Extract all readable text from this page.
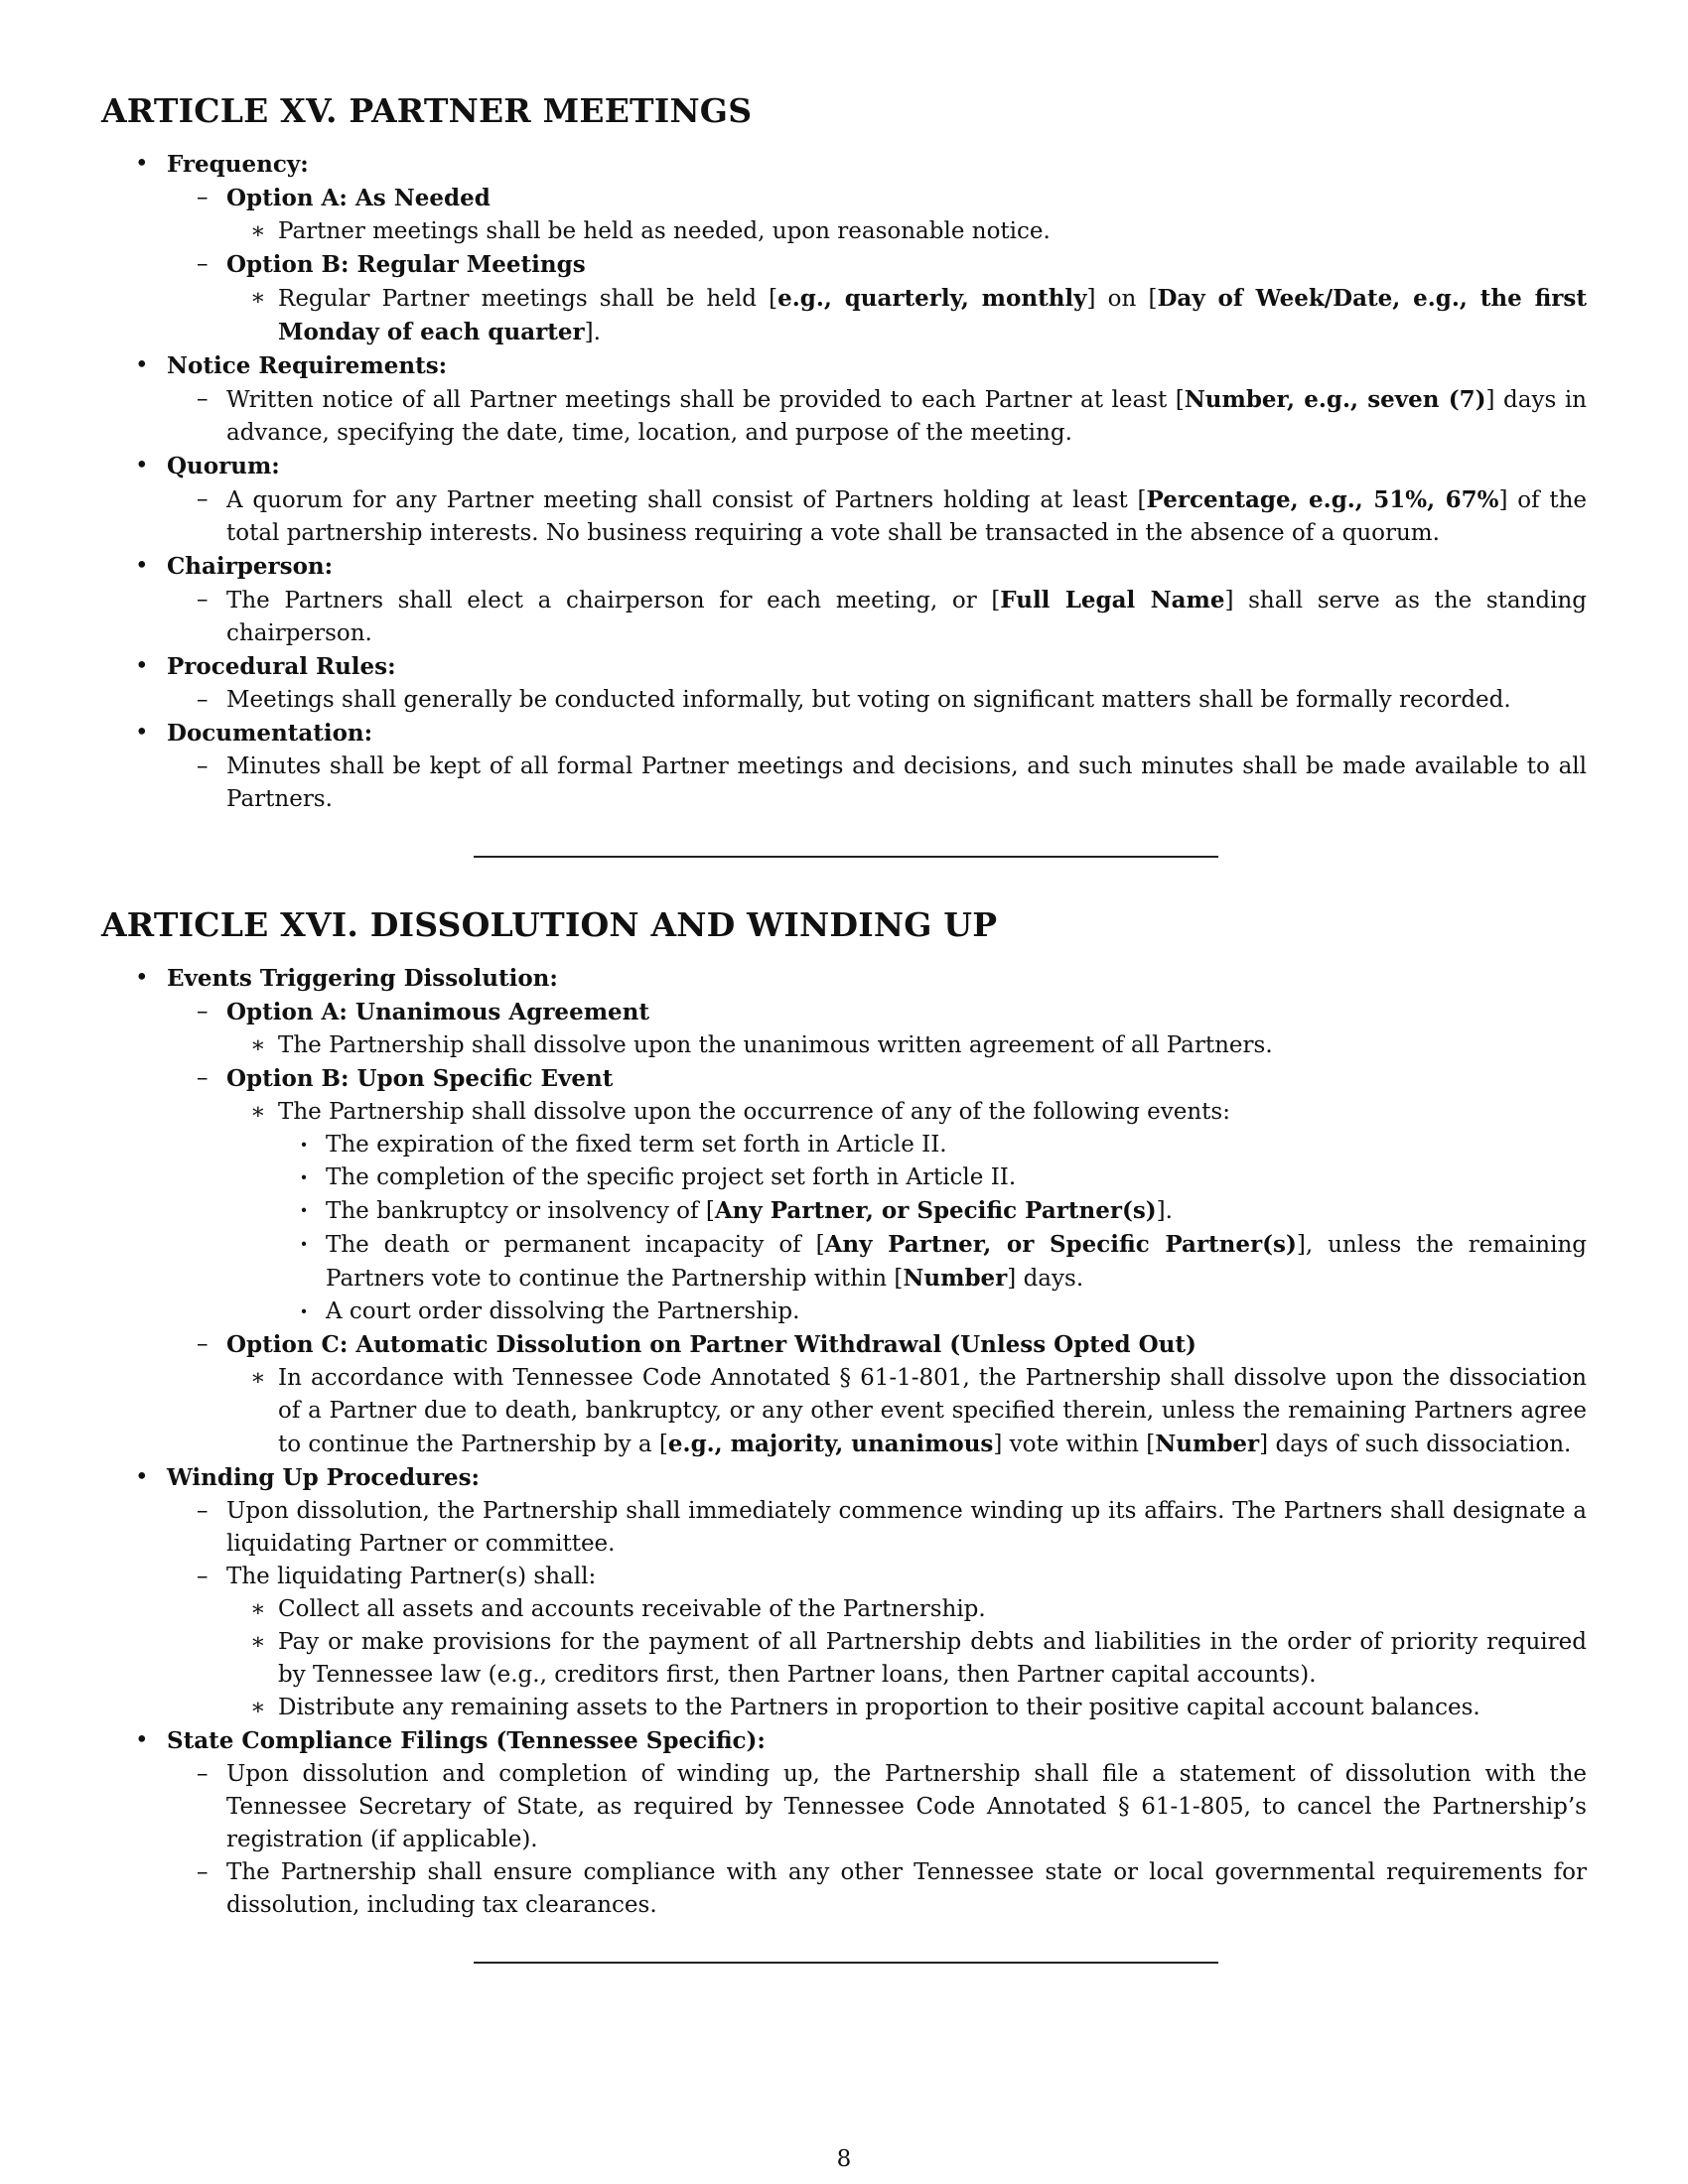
ARTICLE XV. PARTNER MEETINGS
• Frequency:
– Option A: As Needed
∗ Partner meetings shall be held as needed, upon reasonable notice.
– Option B: Regular Meetings
∗ Regular Partner meetings shall be held [e.g., quarterly, monthly] on [Day of Week/Date, e.g., the first Monday of each quarter].
• Notice Requirements:
– Written notice of all Partner meetings shall be provided to each Partner at least [Number, e.g., seven (7)] days in advance, specifying the date, time, location, and purpose of the meeting.
• Quorum:
– A quorum for any Partner meeting shall consist of Partners holding at least [Percentage, e.g., 51%, 67%] of the total partnership interests. No business requiring a vote shall be transacted in the absence of a quorum.
• Chairperson:
– The Partners shall elect a chairperson for each meeting, or [Full Legal Name] shall serve as the standing chairperson.
• Procedural Rules:
– Meetings shall generally be conducted informally, but voting on significant matters shall be formally recorded.
• Documentation:
– Minutes shall be kept of all formal Partner meetings and decisions, and such minutes shall be made available to all Partners.
ARTICLE XVI. DISSOLUTION AND WINDING UP
• Events Triggering Dissolution:
– Option A: Unanimous Agreement
∗ The Partnership shall dissolve upon the unanimous written agreement of all Partners.
– Option B: Upon Specific Event
∗ The Partnership shall dissolve upon the occurrence of any of the following events:
· The expiration of the fixed term set forth in Article II.
· The completion of the specific project set forth in Article II.
· The bankruptcy or insolvency of [Any Partner, or Specific Partner(s)].
· The death or permanent incapacity of [Any Partner, or Specific Partner(s)], unless the remaining Partners vote to continue the Partnership within [Number] days.
· A court order dissolving the Partnership.
– Option C: Automatic Dissolution on Partner Withdrawal (Unless Opted Out)
∗ In accordance with Tennessee Code Annotated § 61-1-801, the Partnership shall dissolve upon the dissociation of a Partner due to death, bankruptcy, or any other event specified therein, unless the remaining Partners agree to continue the Partnership by a [e.g., majority, unanimous] vote within [Number] days of such dissociation.
• Winding Up Procedures:
– Upon dissolution, the Partnership shall immediately commence winding up its affairs. The Partners shall designate a liquidating Partner or committee.
– The liquidating Partner(s) shall:
∗ Collect all assets and accounts receivable of the Partnership.
∗ Pay or make provisions for the payment of all Partnership debts and liabilities in the order of priority required by Tennessee law (e.g., creditors first, then Partner loans, then Partner capital accounts).
∗ Distribute any remaining assets to the Partners in proportion to their positive capital account balances.
• State Compliance Filings (Tennessee Specific):
– Upon dissolution and completion of winding up, the Partnership shall file a statement of dissolution with the Tennessee Secretary of State, as required by Tennessee Code Annotated § 61-1-805, to cancel the Partnership’s registration (if applicable).
– The Partnership shall ensure compliance with any other Tennessee state or local governmental requirements for dissolution, including tax clearances.
8
